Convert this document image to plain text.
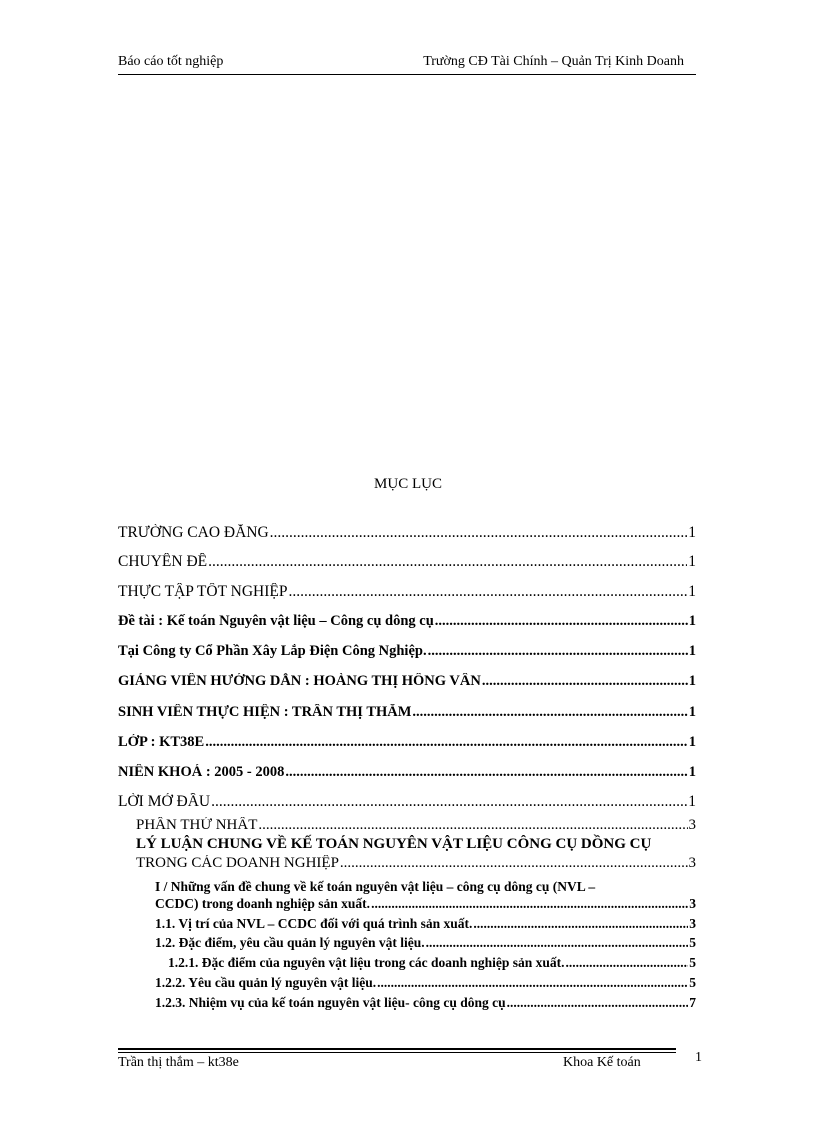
Báo cáo tốt nghiệp	Trường CĐ Tài Chính – Quản Trị Kinh Doanh
MỤC LỤC
TRƯỜNG CAO ĐẲNG .....	1
CHUYÊN ĐỀ .....	1
THỰC TẬP TỐT NGHIỆP .....	1
Đề tài : Kế toán Nguyên vật liệu – Công cụ dông cụ .....	1
Tại Công ty Cổ Phần Xây Lắp Điện Công Nghiệp. .....	1
GIẢNG VIÊN HƯỚNG DẪN : HOÀNG THỊ HỒNG VÂN .....	1
SINH VIÊN THỰC HIỆN : TRẦN THỊ THẮM .....	1
LỚP : KT38E .....	1
NIÊN KHOÁ : 2005 - 2008 .....	1
LỜI MỞ ĐẦU .....	1
PHẦN THỨ NHẤT .....	3
LÝ LUẬN CHUNG VỀ KẾ TOÁN NGUYÊN VẬT LIỆU CÔNG CỤ DỒNG CỤ
TRONG CÁC DOANH NGHIỆP .....	3
I / Những vấn đề chung về kế toán nguyên vật liệu – công cụ dông cụ (NVL –
CCDC) trong doanh nghiệp sản xuất. .....	3
1.1. Vị trí của NVL – CCDC đối với quá trình sản xuất. .....	3
1.2. Đặc điểm, yêu cầu quản lý nguyên vật liệu. .....	5
1.2.1. Đặc điểm của nguyên vật liệu trong các doanh nghiệp sản xuất. .....	5
1.2.2. Yêu cầu quản lý nguyên vật liệu. .....	5
1.2.3. Nhiệm vụ của kế toán nguyên vật liệu- công cụ dông cụ .....	7
Trần thị thắm – kt38e	Khoa Kế toán	1
